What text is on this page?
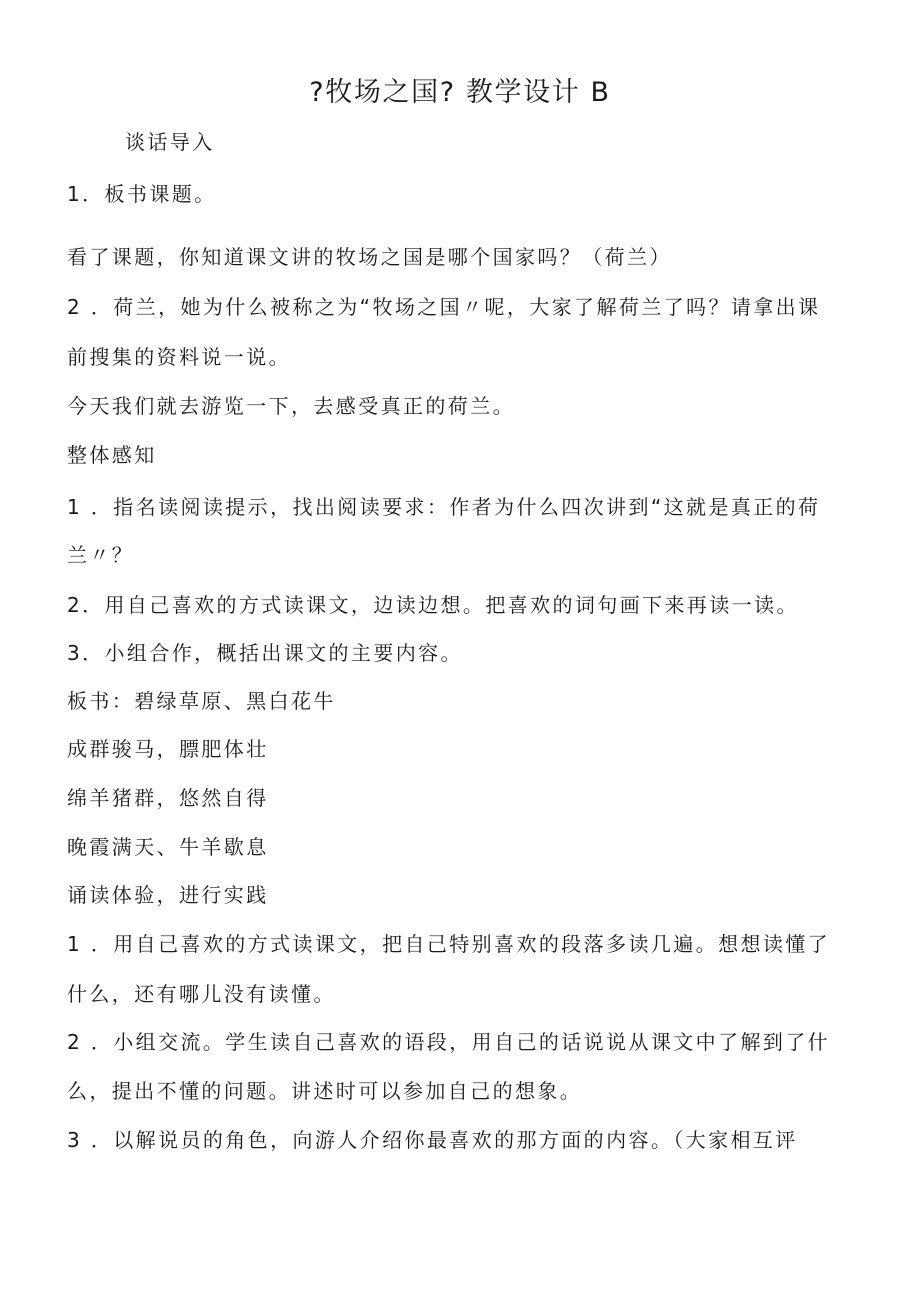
?牧场之国? 教学设计 B
谈话导入
1．板书课题。
看了课题，你知道课文讲的牧场之国是哪个国家吗？（荷兰）
2 ．荷兰，她为什么被称之为“牧场之国〃呢，大家了解荷兰了吗？请拿出课
前搜集的资料说一说。
今天我们就去游览一下，去感受真正的荷兰。
整体感知
1 ．指名读阅读提示，找出阅读要求：作者为什么四次讲到“这就是真正的荷
兰〃？
2．用自己喜欢的方式读课文，边读边想。把喜欢的词句画下来再读一读。
3．小组合作，概括出课文的主要内容。
板书：碧绿草原、黑白花牛
成群骏马，膘肥体壮
绵羊猪群，悠然自得
晚霞满天、牛羊歇息
诵读体验，进行实践
1 ．用自己喜欢的方式读课文，把自己特别喜欢的段落多读几遍。想想读懂了
什么，还有哪儿没有读懂。
2 ．小组交流。学生读自己喜欢的语段，用自己的话说说从课文中了解到了什
么，提出不懂的问题。讲述时可以参加自己的想象。
3 ．以解说员的角色，向游人介绍你最喜欢的那方面的内容。（大家相互评
